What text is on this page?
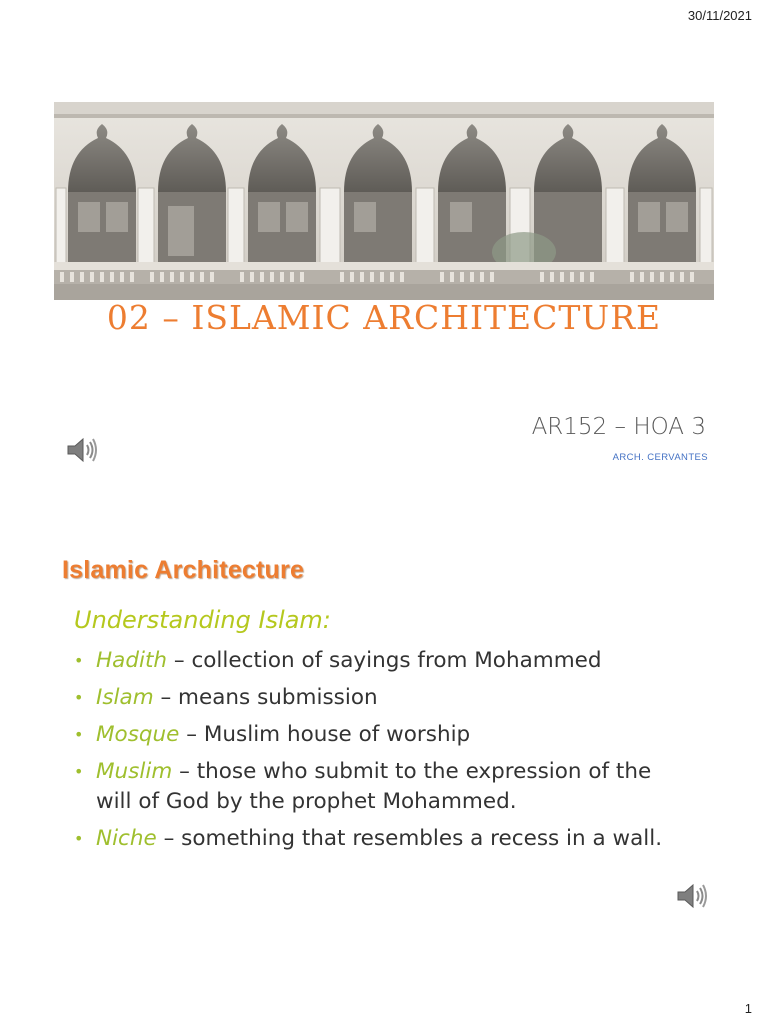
30/11/2021
02 – ISLAMIC ARCHITECTURE
AR152 – HOA 3
ARCH. CERVANTES
Islamic Architecture
Understanding Islam:
• Hadith – collection of sayings from Mohammed
• Islam – means submission
• Mosque – Muslim house of worship
• Muslim – those who submit to the expression of the will of God by the prophet Mohammed.
• Niche – something that resembles a recess in a wall.
1
